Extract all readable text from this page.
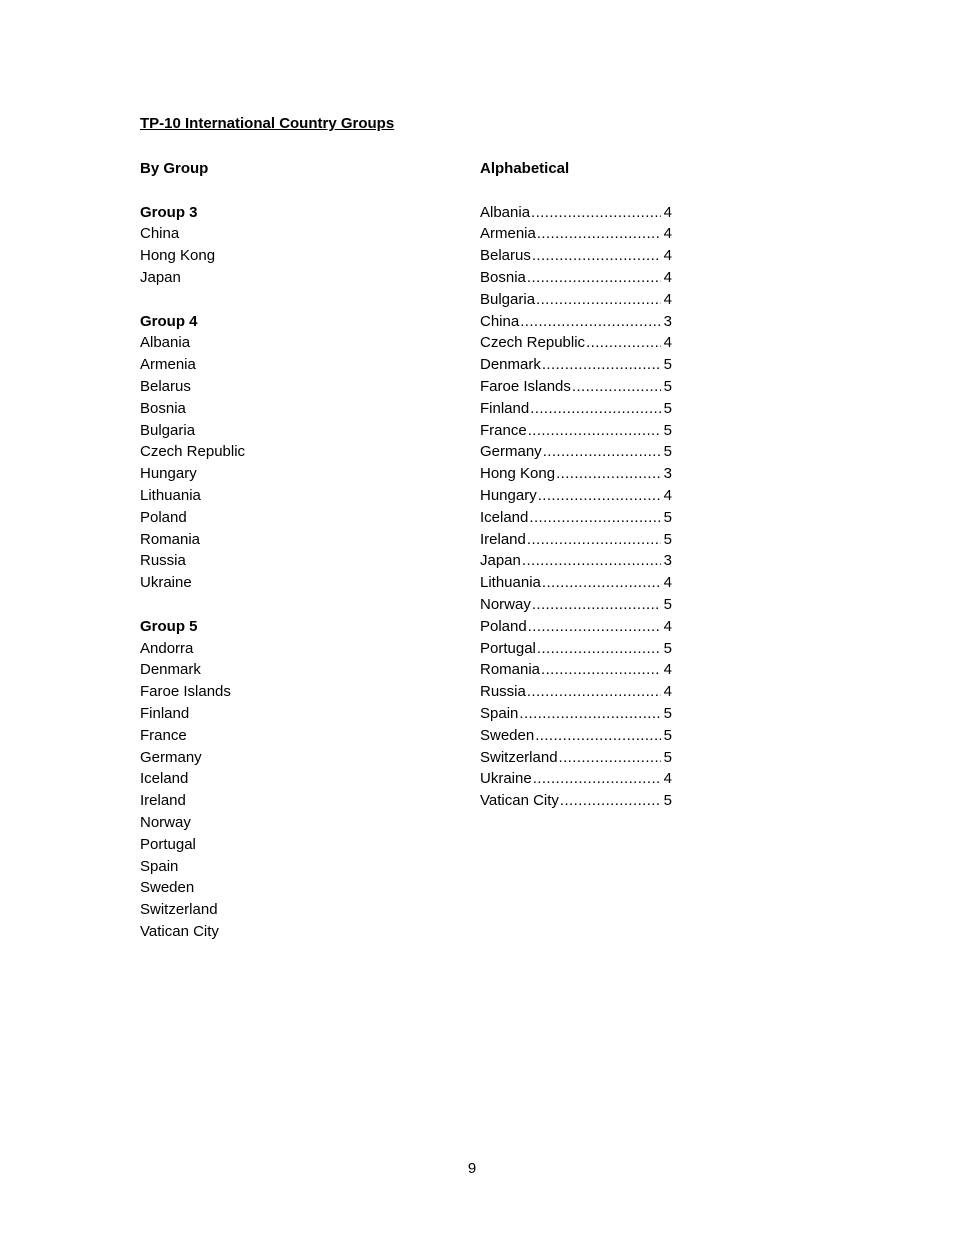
TP-10 International Country Groups
By Group
Group 3
China
Hong Kong
Japan
Group 4
Albania
Armenia
Belarus
Bosnia
Bulgaria
Czech Republic
Hungary
Lithuania
Poland
Romania
Russia
Ukraine
Group 5
Andorra
Denmark
Faroe Islands
Finland
France
Germany
Iceland
Ireland
Norway
Portugal
Spain
Sweden
Switzerland
Vatican City
Alphabetical
Albania .....	4
Armenia .....	4
Belarus .....	4
Bosnia .....	4
Bulgaria .....	4
China .....	3
Czech Republic .....	4
Denmark .....	5
Faroe Islands .....	5
Finland .....	5
France .....	5
Germany .....	5
Hong Kong .....	3
Hungary .....	4
Iceland .....	5
Ireland .....	5
Japan .....	3
Lithuania .....	4
Norway .....	5
Poland .....	4
Portugal .....	5
Romania .....	4
Russia .....	4
Spain .....	5
Sweden .....	5
Switzerland .....	5
Ukraine .....	4
Vatican City .....	5
9
